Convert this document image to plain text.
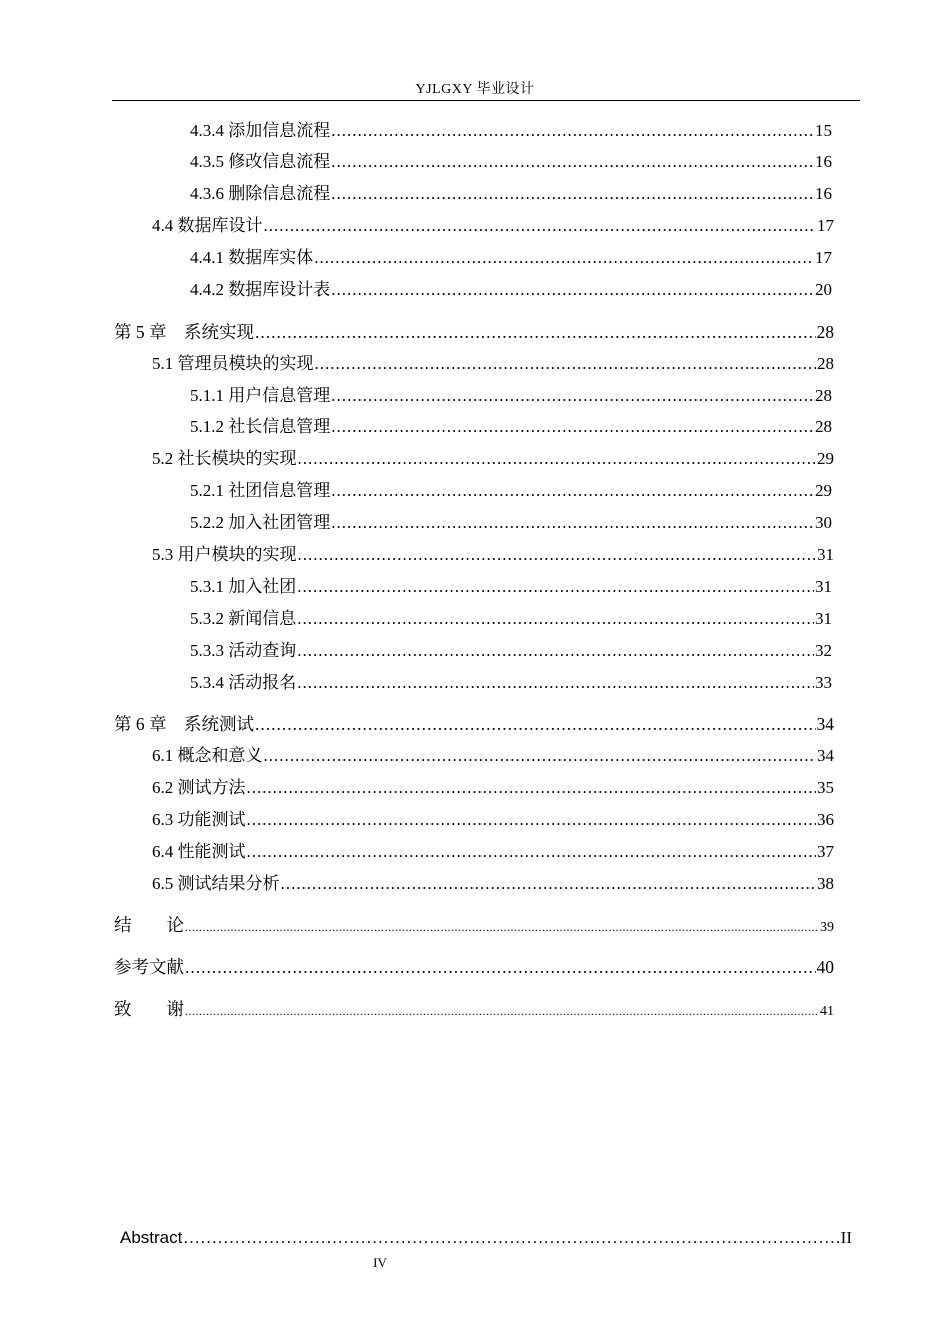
YJLGXY 毕业设计
4.3.4 添加信息流程 .....	15
4.3.5 修改信息流程 .....	16
4.3.6 删除信息流程 .....	16
4.4 数据库设计 .....	17
4.4.1 数据库实体 .....	17
4.4.2 数据库设计表 .....	20
第 5 章　系统实现 .....	28
5.1 管理员模块的实现 .....	28
5.1.1 用户信息管理 .....	28
5.1.2 社长信息管理 .....	28
5.2 社长模块的实现 .....	29
5.2.1 社团信息管理 .....	29
5.2.2 加入社团管理 .....	30
5.3 用户模块的实现 .....	31
5.3.1 加入社团 .....	31
5.3.2 新闻信息 .....	31
5.3.3 活动查询 .....	32
5.3.4 活动报名 .....	33
第 6 章　系统测试 .....	34
6.1 概念和意义 .....	34
6.2 测试方法 .....	35
6.3 功能测试 .....	36
6.4 性能测试 .....	37
6.5 测试结果分析 .....	38
结　　论 .....	39
参考文献 .....	40
致　　谢 .....	41
Abstract .....	II
IV
